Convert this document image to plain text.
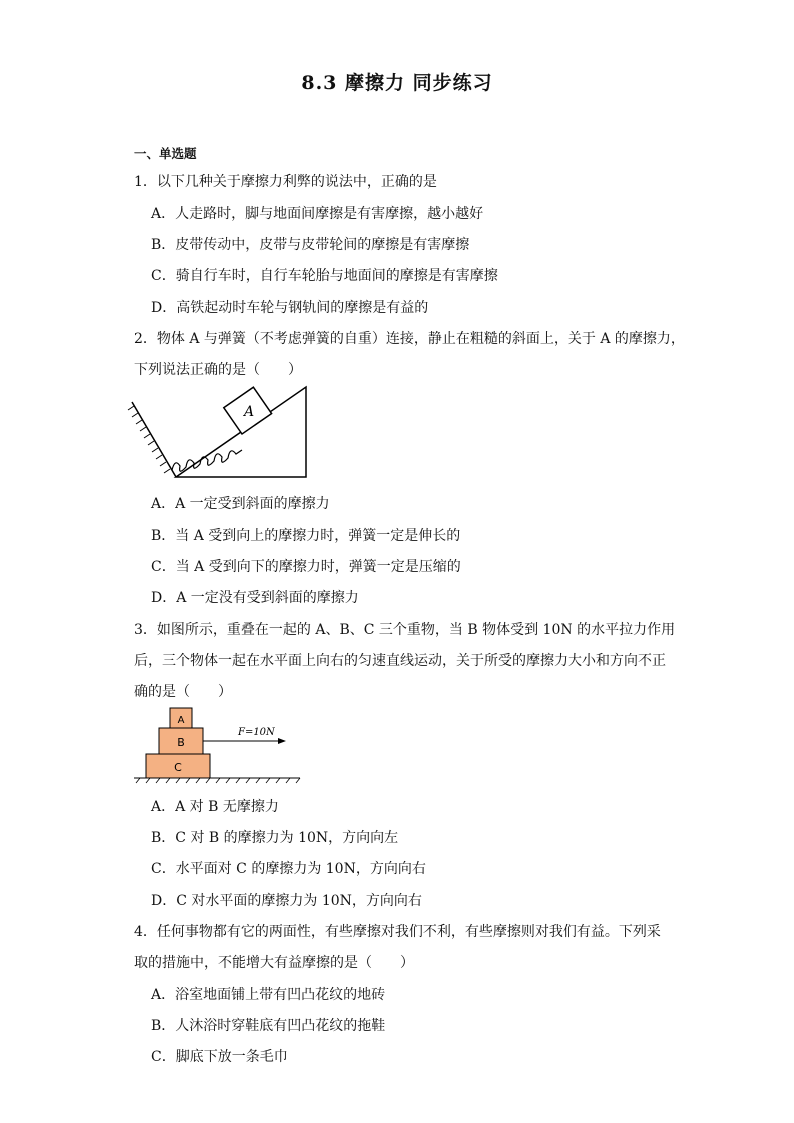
8.3 摩擦力 同步练习
一、单选题
1．以下几种关于摩擦力利弊的说法中，正确的是
A．人走路时，脚与地面间摩擦是有害摩擦，越小越好
B．皮带传动中，皮带与皮带轮间的摩擦是有害摩擦
C．骑自行车时，自行车轮胎与地面间的摩擦是有害摩擦
D．高铁起动时车轮与钢轨间的摩擦是有益的
2．物体 A 与弹簧（不考虑弹簧的自重）连接，静止在粗糙的斜面上，关于 A 的摩擦力，
下列说法正确的是（　　）
A
A．A 一定受到斜面的摩擦力
B．当 A 受到向上的摩擦力时，弹簧一定是伸长的
C．当 A 受到向下的摩擦力时，弹簧一定是压缩的
D．A 一定没有受到斜面的摩擦力
3．如图所示，重叠在一起的 A、B、C 三个重物，当 B 物体受到 10N 的水平拉力作用
后，三个物体一起在水平面上向右的匀速直线运动，关于所受的摩擦力大小和方向不正
确的是（　　）
A
B
C
F=10N
A．A 对 B 无摩擦力
B．C 对 B 的摩擦力为 10N，方向向左
C．水平面对 C 的摩擦力为 10N，方向向右
D．C 对水平面的摩擦力为 10N，方向向右
4．任何事物都有它的两面性，有些摩擦对我们不利，有些摩擦则对我们有益。下列采
取的措施中，不能增大有益摩擦的是（　　）
A．浴室地面铺上带有凹凸花纹的地砖
B．人沐浴时穿鞋底有凹凸花纹的拖鞋
C．脚底下放一条毛巾
